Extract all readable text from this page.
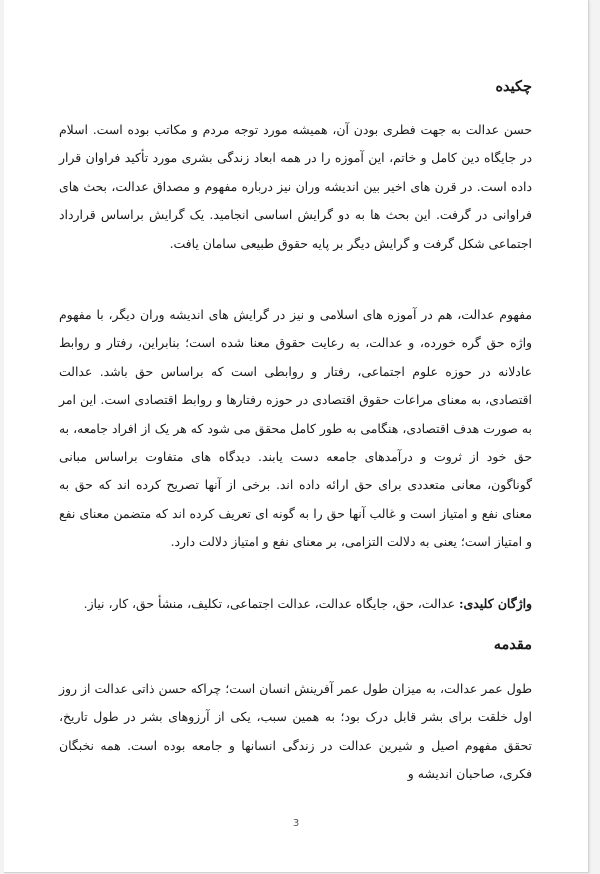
چکیده

حسن عدالت به جهت فطری بودن آن، همیشه مورد توجه مردم و مکاتب بوده است. اسلام در جایگاه دین کامل و خاتم، این آموزه را در همه ابعاد زندگی بشری مورد تأکید فراوان قرار داده است. در قرن های اخیر بین اندیشه وران نیز درباره مفهوم و مصداق عدالت، بحث های فراوانی در گرفت. این بحث ها به دو گرایش اساسی انجامید. یک گرایش براساس قرارداد اجتماعی شکل گرفت و گرایش دیگر بر پایه حقوق طبیعی سامان یافت.

مفهوم عدالت، هم در آموزه های اسلامی و نیز در گرایش های اندیشه وران دیگر، با مفهوم واژه حق گره خورده، و عدالت، به رعایت حقوق معنا شده است؛ بنابراین، رفتار و روابط عادلانه در حوزه علوم اجتماعی، رفتار و روابطی است که براساس حق باشد. عدالت اقتصادی، به معنای مراعات حقوق اقتصادی در حوزه رفتارها و روابط اقتصادی است. این امر به صورت هدف اقتصادی، هنگامی به طور کامل محقق می شود که هر یک از افراد جامعه، به حق خود از ثروت و درآمدهای جامعه دست یابند. دیدگاه های متفاوت براساس مبانی گوناگون، معانی متعددی برای حق ارائه داده اند. برخی از آنها تصریح کرده اند که حق به معنای نفع و امتیاز است و غالب آنها حق را به گونه ای تعریف کرده اند که متضمن معنای نفع و امتیاز است؛ یعنی به دلالت التزامی، بر معنای نفع و امتیاز دلالت دارد.

واژگان کلیدی: عدالت، حق، جایگاه عدالت، عدالت اجتماعی، تکلیف، منشأ حق، کار، نیاز.

مقدمه

طول عمر عدالت، به میزان طول عمر آفرینش انسان است؛ چراکه حسن ذاتی عدالت از روز اول خلقت برای بشر قابل درک بود؛ به همین سبب، یکی از آرزوهای بشر در طول تاریخ، تحقق مفهوم اصیل و شیرین عدالت در زندگی انسانها و جامعه بوده است. همه نخبگان فکری، صاحبان اندیشه و

3
